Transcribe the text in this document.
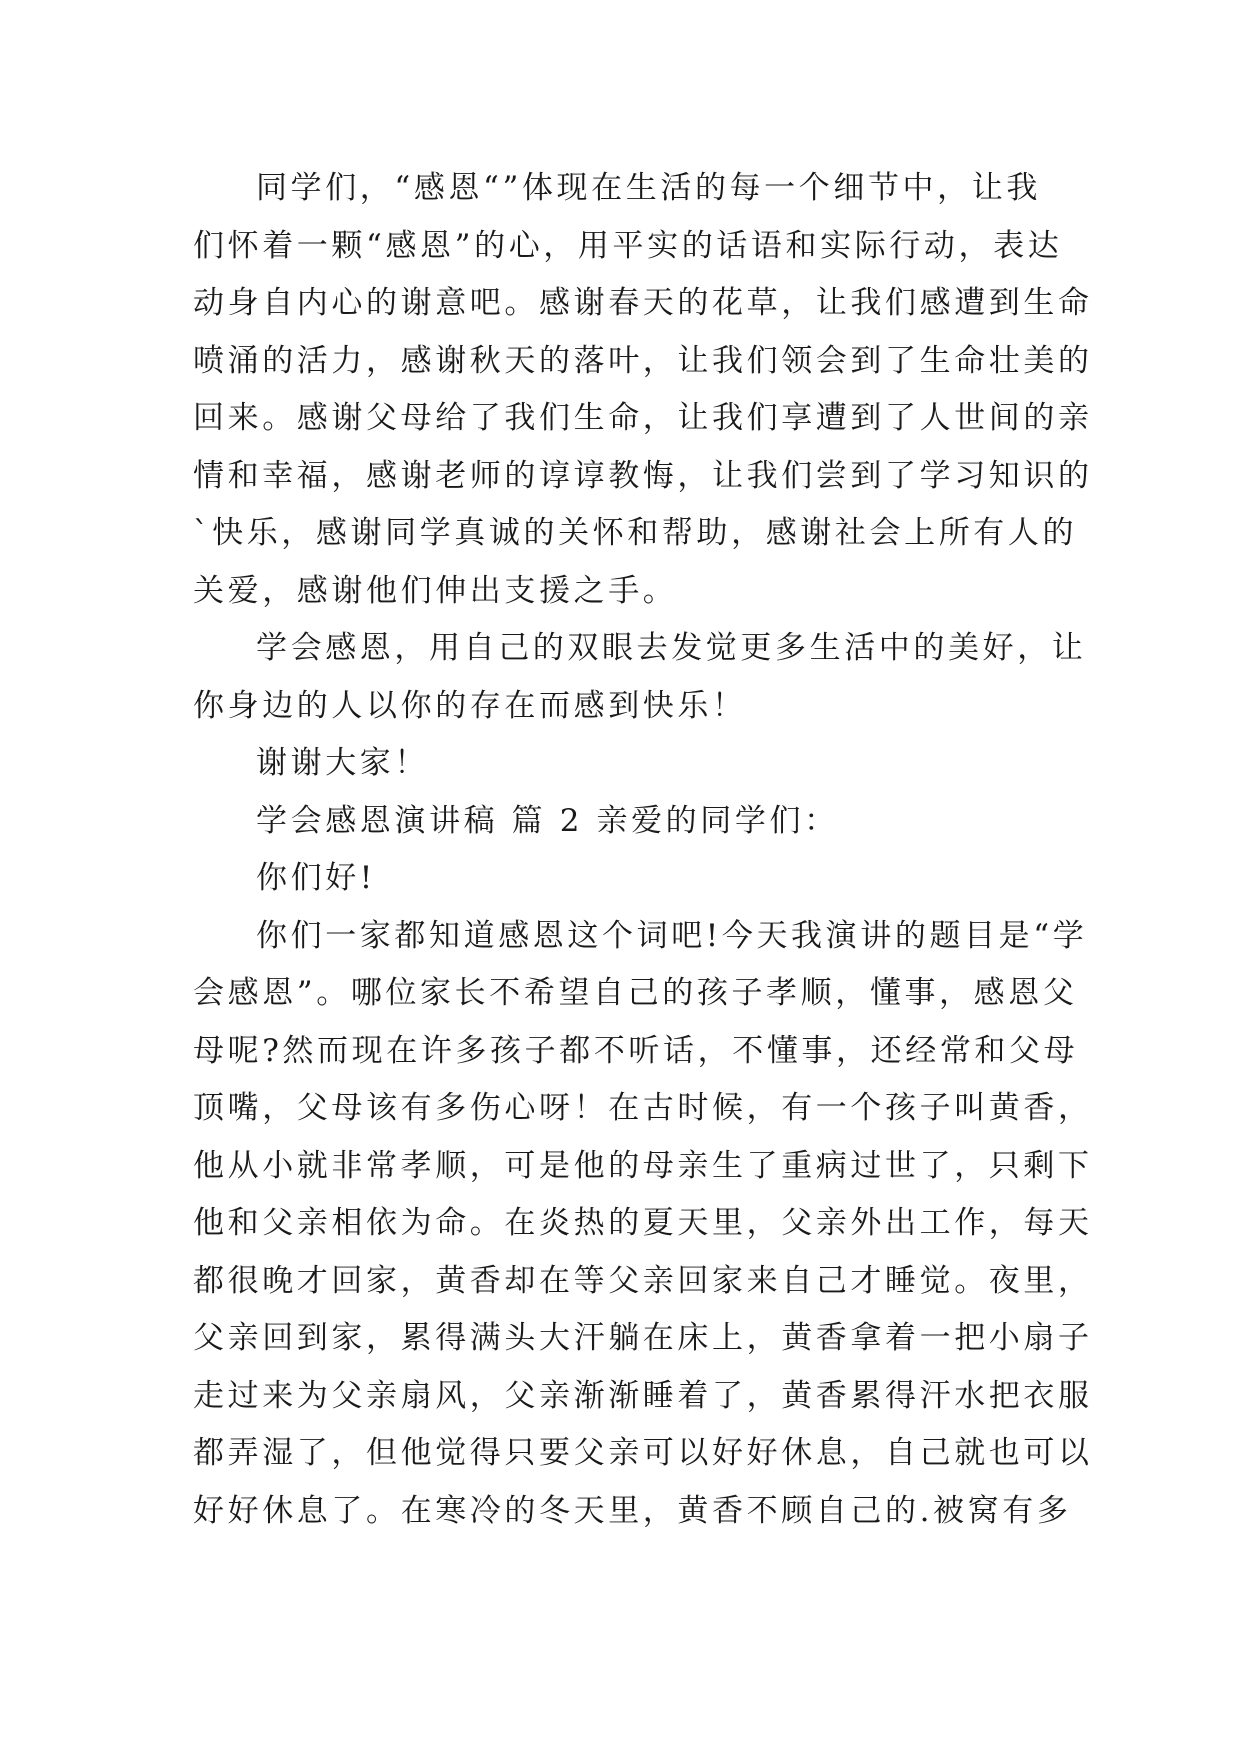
同学们，“感恩“”体现在生活的每一个细节中，让我
们怀着一颗“感恩”的心，用平实的话语和实际行动，表达
动身自内心的谢意吧。感谢春天的花草，让我们感遭到生命
喷涌的活力，感谢秋天的落叶，让我们领会到了生命壮美的
回来。感谢父母给了我们生命，让我们享遭到了人世间的亲
情和幸福，感谢老师的谆谆教悔，让我们尝到了学习知识的
`快乐，感谢同学真诚的关怀和帮助，感谢社会上所有人的
关爱，感谢他们伸出支援之手。

学会感恩，用自己的双眼去发觉更多生活中的美好，让
你身边的人以你的存在而感到快乐！

谢谢大家！

学会感恩演讲稿 篇 2 亲爱的同学们：

你们好!

你们一家都知道感恩这个词吧!今天我演讲的题目是“学
会感恩”。哪位家长不希望自己的孩子孝顺，懂事，感恩父
母呢?然而现在许多孩子都不听话，不懂事，还经常和父母
顶嘴，父母该有多伤心呀！在古时候，有一个孩子叫黄香，
他从小就非常孝顺，可是他的母亲生了重病过世了，只剩下
他和父亲相依为命。在炎热的夏天里，父亲外出工作，每天
都很晚才回家，黄香却在等父亲回家来自己才睡觉。夜里，
父亲回到家，累得满头大汗躺在床上，黄香拿着一把小扇子
走过来为父亲扇风，父亲渐渐睡着了，黄香累得汗水把衣服
都弄湿了，但他觉得只要父亲可以好好休息，自己就也可以
好好休息了。在寒冷的冬天里，黄香不顾自己的.被窝有多
